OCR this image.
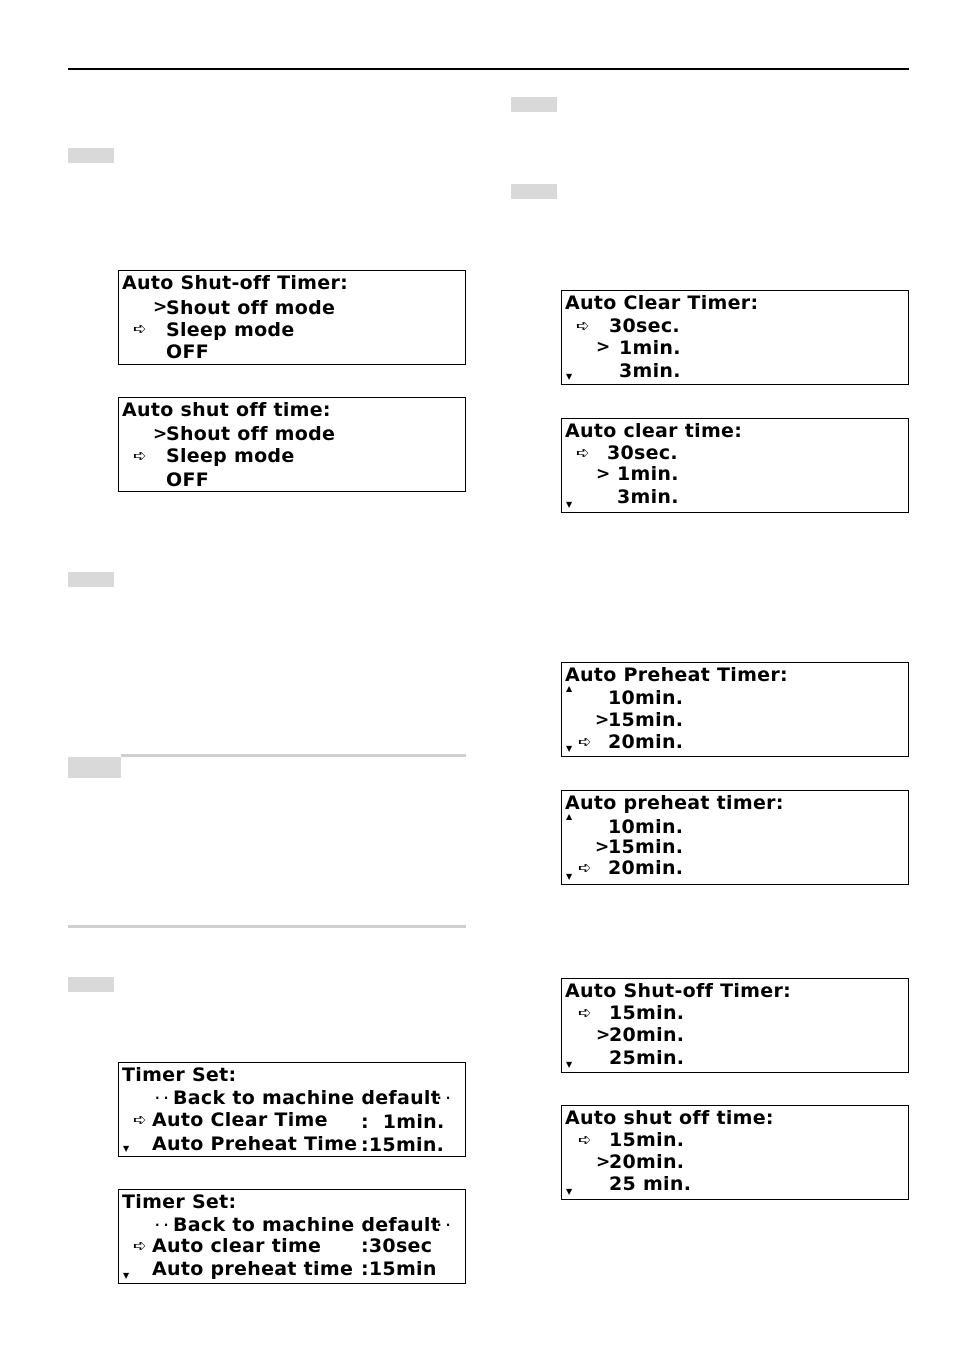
Auto Shut-off Timer:
>
Shout off mode
➪ Sleep mode
OFF
Auto shut off time:
>
Shout off mode
➪ Sleep mode
OFF
Timer Set:
· · Back to machine default
· ·
➪ Auto Clear Time :  1min.
▼ Auto Preheat Time :15min.
Timer Set:
· · Back to machine default
· ·
➪ Auto clear time :30sec
▼ Auto preheat time :15min
Auto Clear Timer:
➪ 30sec.
> 1min.
▼ 3min.
Auto clear time:
➪ 30sec.
> 1min.
▼ 3min.
Auto Preheat Timer:
▲ 10min.
>
15min.
▼ ➪ 20min.
Auto preheat timer:
▲ 10min.
>
15min.
▼ ➪ 20min.
Auto Shut-off Timer:
➪ 15min.
>
20min.
▼ 25min.
Auto shut off time:
➪ 15min.
>
20min.
▼ 25 min.
